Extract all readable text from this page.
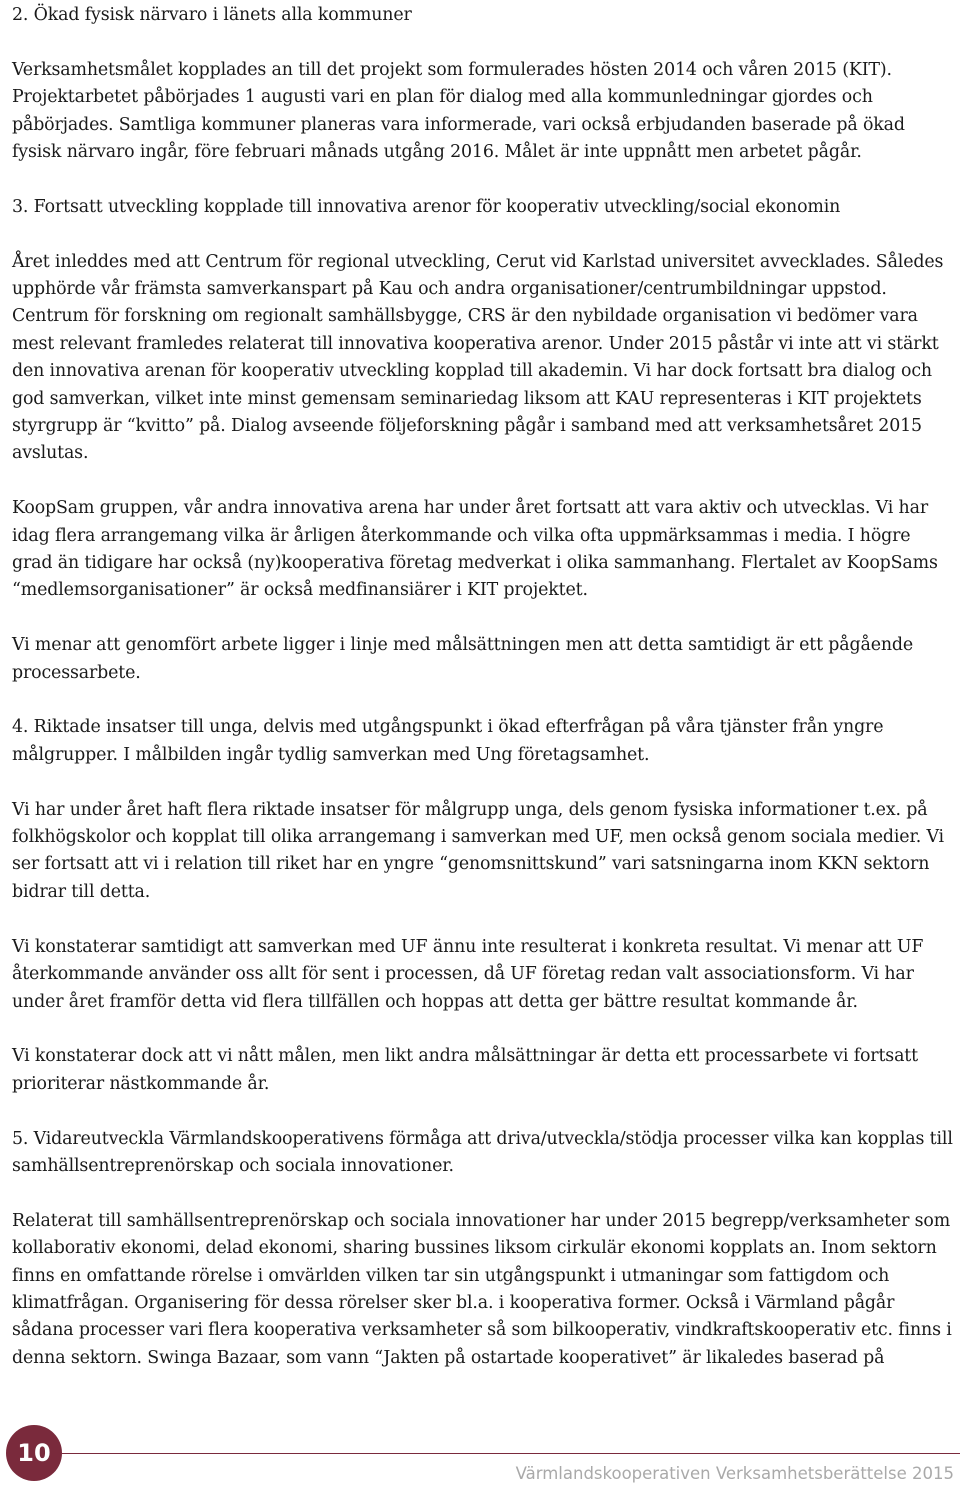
2. Ökad fysisk närvaro i länets alla kommuner

Verksamhetsmålet kopplades an till det projekt som formulerades hösten 2014 och våren 2015 (KIT). Projektarbetet påbörjades 1 augusti vari en plan för dialog med alla kommunledningar gjordes och påbörjades. Samtliga kommuner planeras vara informerade, vari också erbjudanden baserade på ökad fysisk närvaro ingår, före februari månads utgång 2016. Målet är inte uppnått men arbetet pågår.

3. Fortsatt utveckling kopplade till innovativa arenor för kooperativ utveckling/social ekonomin

Året inleddes med att Centrum för regional utveckling, Cerut vid Karlstad universitet avvecklades. Således upphörde vår främsta samverkanspart på Kau och andra organisationer/centrumbildningar uppstod. Centrum för forskning om regionalt samhällsbygge, CRS är den nybildade organisation vi bedömer vara mest relevant framledes relaterat till innovativa kooperativa arenor. Under 2015 påstår vi inte att vi stärkt den innovativa arenan för kooperativ utveckling kopplad till akademin. Vi har dock fortsatt bra dialog och god samverkan, vilket inte minst gemensam seminariedag liksom att KAU representeras i KIT projektets styrgrupp är “kvitto” på. Dialog avseende följeforskning pågår i samband med att verksamhetsåret 2015 avslutas.

KoopSam gruppen, vår andra innovativa arena har under året fortsatt att vara aktiv och utvecklas. Vi har idag flera arrangemang vilka är årligen återkommande och vilka ofta uppmärksammas i media. I högre grad än tidigare har också (ny)kooperativa företag medverkat i olika sammanhang. Flertalet av KoopSams “medlemsorganisationer” är också medfinansiärer i KIT projektet.

Vi menar att genomfört arbete ligger i linje med målsättningen men att detta samtidigt är ett pågående processarbete.

4. Riktade insatser till unga, delvis med utgångspunkt i ökad efterfrågan på våra tjänster från yngre målgrupper. I målbilden ingår tydlig samverkan med Ung företagsamhet.

Vi har under året haft flera riktade insatser för målgrupp unga, dels genom fysiska informationer t.ex. på folkhögskolor och kopplat till olika arrangemang i samverkan med UF, men också genom sociala medier. Vi ser fortsatt att vi i relation till riket har en yngre “genomsnittskund” vari satsningarna inom KKN sektorn bidrar till detta.

Vi konstaterar samtidigt att samverkan med UF ännu inte resulterat i konkreta resultat. Vi menar att UF återkommande använder oss allt för sent i processen, då UF företag redan valt associationsform. Vi har under året framför detta vid flera tillfällen och hoppas att detta ger bättre resultat kommande år.

Vi konstaterar dock att vi nått målen, men likt andra målsättningar är detta ett processarbete vi fortsatt prioriterar nästkommande år.

5. Vidareutveckla Värmlandskooperativens förmåga att driva/utveckla/stödja processer vilka kan kopplas till samhällsentreprenörskap och sociala innovationer.

Relaterat till samhällsentreprenörskap och sociala innovationer har under 2015 begrepp/verksamheter som kollaborativ ekonomi, delad ekonomi, sharing bussines liksom cirkulär ekonomi kopplats an. Inom sektorn finns en omfattande rörelse i omvärlden vilken tar sin utgångspunkt i utmaningar som fattigdom och klimatfrågan. Organisering för dessa rörelser sker bl.a. i kooperativa former. Också i Värmland pågår sådana processer vari flera kooperativa verksamheter så som bilkooperativ, vindkraftskooperativ etc. finns i denna sektorn. Swinga Bazaar, som vann “Jakten på ostartade kooperativet” är likaledes baserad på

10
Värmlandskooperativen Verksamhetsberättelse 2015
